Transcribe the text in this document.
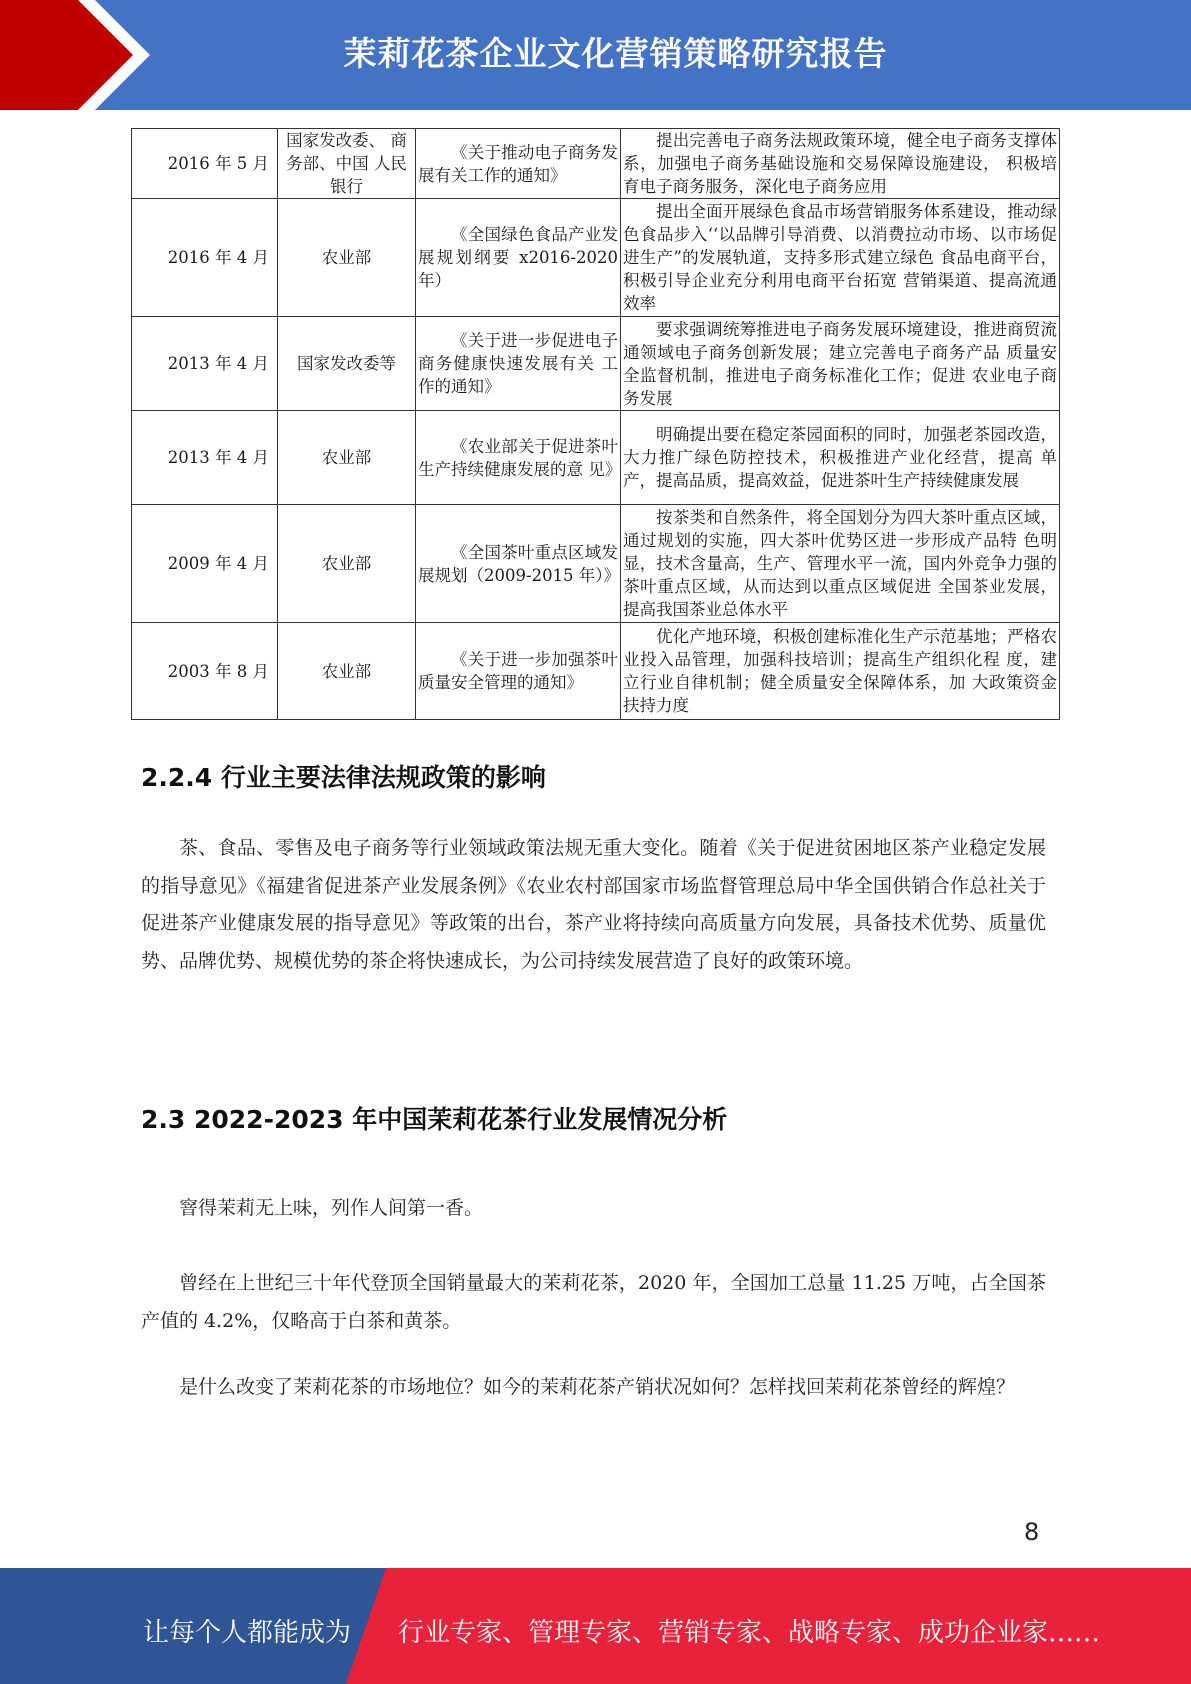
茉莉花茶企业文化营销策略研究报告
2016 年 5 月	国家发改委、 商务部、中国 人民银行	《关于推动电子商务发 展有关工作的通知》	提出完善电子商务法规政策环境，健全电子商务支撑体系，加强电子商务基础设施和交易保障设施建设， 积极培育电子商务服务，深化电子商务应用
2016 年 4 月	农业部	《全国绿色食品产业发 展规划纲要 x2016-2020 年）	提出全面开展绿色食品市场营销服务体系建设，推动绿色食品步入‘‘以品牌引导消费、以消费拉动市场、以市场促进生产”的发展轨道，支持多形式建立绿色 食品电商平台，积极引导企业充分利用电商平台拓宽 营销渠道、提高流通效率
2013 年 4 月	国家发改委等	《关于进一步促进电子 商务健康快速发展有关 工作的通知》	要求强调统筹推进电子商务发展环境建设，推进商贸流通领域电子商务创新发展；建立完善电子商务产品 质量安全监督机制，推进电子商务标准化工作；促进 农业电子商务发展
2013 年 4 月	农业部	《农业部关于促进茶叶 生产持续健康发展的意 见》	明确提出要在稳定茶园面积的同时，加强老茶园改造， 大力推广绿色防控技术，积极推进产业化经营，提高 单产，提高品质，提高效益，促进茶叶生产持续健康发展
2009 年 4 月	农业部	《全国茶叶重点区域发 展规划（2009-2015 年）》	按茶类和自然条件，将全国划分为四大茶叶重点区域， 通过规划的实施，四大茶叶优势区进一步形成产品特 色明显，技术含量高，生产、管理水平一流，国内外竞争力强的茶叶重点区域，从而达到以重点区域促进 全国茶业发展，提高我国茶业总体水平
2003 年 8 月	农业部	《关于进一步加强茶叶 质量安全管理的通知》	优化产地环境，积极创建标准化生产示范基地；严格农业投入品管理，加强科技培训；提高生产组织化程 度，建立行业自律机制；健全质量安全保障体系，加 大政策资金扶持力度
2.2.4 行业主要法律法规政策的影响
茶、食品、零售及电子商务等行业领域政策法规无重大变化。随着《关于促进贫困地区茶产业稳定发展的指导意见》《福建省促进茶产业发展条例》《农业农村部国家市场监督管理总局中华全国供销合作总社关于促进茶产业健康发展的指导意见》等政策的出台，茶产业将持续向高质量方向发展，具备技术优势、质量优势、品牌优势、规模优势的茶企将快速成长，为公司持续发展营造了良好的政策环境。
2.3 2022-2023 年中国茉莉花茶行业发展情况分析
窨得茉莉无上味，列作人间第一香。
曾经在上世纪三十年代登顶全国销量最大的茉莉花茶，2020 年，全国加工总量 11.25 万吨，占全国茶产值的 4.2%，仅略高于白茶和黄茶。
是什么改变了茉莉花茶的市场地位？如今的茉莉花茶产销状况如何？怎样找回茉莉花茶曾经的辉煌？
8
让每个人都能成为 行业专家、管理专家、营销专家、战略专家、成功企业家……
